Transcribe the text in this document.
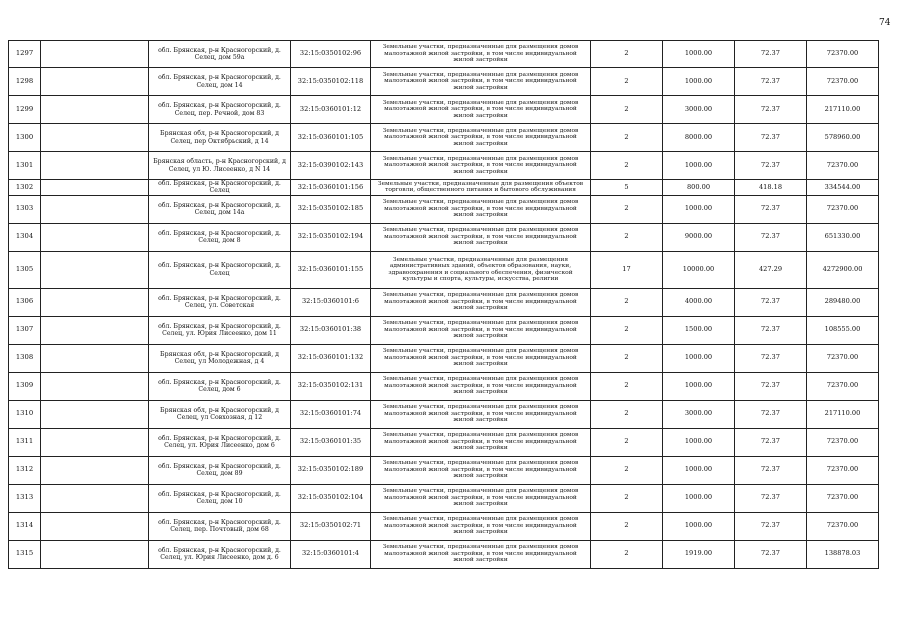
74
1297		обл. Брянская, р-н Красногорский, д. Селец, дом 59а	32:15:0350102:96	Земельные участки, предназначенные для размещения домов малоэтажной жилой застройки, в том числе индивидуальной жилой застройки	2	1000.00	72.37	72370.00
1298		обл. Брянская, р-н Красногорский, д. Селец, дом 14	32:15:0350102:118	Земельные участки, предназначенные для размещения домов малоэтажной жилой застройки, в том числе индивидуальной жилой застройки	2	1000.00	72.37	72370.00
1299		обл. Брянская, р-н Красногорский, д. Селец, пер. Речной, дом 83	32:15:0360101:12	Земельные участки, предназначенные для размещения домов малоэтажной жилой застройки, в том числе индивидуальной жилой застройки	2	3000.00	72.37	217110.00
1300		Брянская обл, р-н Красногорский, д Селец, пер Октябрьский, д 14	32:15:0360101:105	Земельные участки, предназначенные для размещения домов малоэтажной жилой застройки, в том числе индивидуальной жилой застройки	2	8000.00	72.37	578960.00
1301		Брянская область, р-н Красногорский, д Селец, ул Ю. Лисеенко, д N 14	32:15:0390102:143	Земельные участки, предназначенные для размещения домов малоэтажной жилой застройки, в том числе индивидуальной жилой застройки	2	1000.00	72.37	72370.00
1302		обл. Брянская, р-н Красногорский, д. Селец	32:15:0360101:156	Земельные участки, предназначенные для размещения объектов торговли, общественного питания и бытового обслуживания	5	800.00	418.18	334544.00
1303		обл. Брянская, р-н Красногорский, д. Селец, дом 14а	32:15:0350102:185	Земельные участки, предназначенные для размещения домов малоэтажной жилой застройки, в том числе индивидуальной жилой застройки	2	1000.00	72.37	72370.00
1304		обл. Брянская, р-н Красногорский, д. Селец, дом 8	32:15:0350102:194	Земельные участки, предназначенные для размещения домов малоэтажной жилой застройки, в том числе индивидуальной жилой застройки	2	9000.00	72.37	651330.00
1305		обл. Брянская, р-н Красногорский, д. Селец	32:15:0360101:155	Земельные участки, предназначенные для размещения административных зданий, объектов образования, науки, здравоохранения и социального обеспечения, физической культуры и спорта, культуры, искусства, религии	17	10000.00	427.29	4272900.00
1306		обл. Брянская, р-н Красногорский, д. Селец, ул. Советская	32:15:0360101:6	Земельные участки, предназначенные для размещения домов малоэтажной жилой застройки, в том числе индивидуальной жилой застройки	2	4000.00	72.37	289480.00
1307		обл. Брянская, р-н Красногорский, д. Селец, ул. Юрия Лисеенко, дом 11	32:15:0360101:38	Земельные участки, предназначенные для размещения домов малоэтажной жилой застройки, в том числе индивидуальной жилой застройки	2	1500.00	72.37	108555.00
1308		Брянская обл, р-н Красногорский, д Селец, ул Молодежная, д 4	32:15:0360101:132	Земельные участки, предназначенные для размещения домов малоэтажной жилой застройки, в том числе индивидуальной жилой застройки	2	1000.00	72.37	72370.00
1309		обл. Брянская, р-н Красногорский, д. Селец, дом 6	32:15:0350102:131	Земельные участки, предназначенные для размещения домов малоэтажной жилой застройки, в том числе индивидуальной жилой застройки	2	1000.00	72.37	72370.00
1310		Брянская обл, р-н Красногорский, д Селец, ул Совхозная, д 12	32:15:0360101:74	Земельные участки, предназначенные для размещения домов малоэтажной жилой застройки, в том числе индивидуальной жилой застройки	2	3000.00	72.37	217110.00
1311		обл. Брянская, р-н Красногорский, д. Селец, ул. Юрия Лисеенко, дом 6	32:15:0360101:35	Земельные участки, предназначенные для размещения домов малоэтажной жилой застройки, в том числе индивидуальной жилой застройки	2	1000.00	72.37	72370.00
1312		обл. Брянская, р-н Красногорский, д. Селец, дом 89	32:15:0350102:189	Земельные участки, предназначенные для размещения домов малоэтажной жилой застройки, в том числе индивидуальной жилой застройки	2	1000.00	72.37	72370.00
1313		обл. Брянская, р-н Красногорский, д. Селец, дом 10	32:15:0350102:104	Земельные участки, предназначенные для размещения домов малоэтажной жилой застройки, в том числе индивидуальной жилой застройки	2	1000.00	72.37	72370.00
1314		обл. Брянская, р-н Красногорский, д. Селец, пер. Почтовый, дом 68	32:15:0350102:71	Земельные участки, предназначенные для размещения домов малоэтажной жилой застройки, в том числе индивидуальной жилой застройки	2	1000.00	72.37	72370.00
1315		обл. Брянская, р-н Красногорский, д. Селец, ул. Юрия Лисеенко, дом д. 6	32:15:0360101:4	Земельные участки, предназначенные для размещения домов малоэтажной жилой застройки, в том числе индивидуальной жилой застройки	2	1919.00	72.37	138878.03
